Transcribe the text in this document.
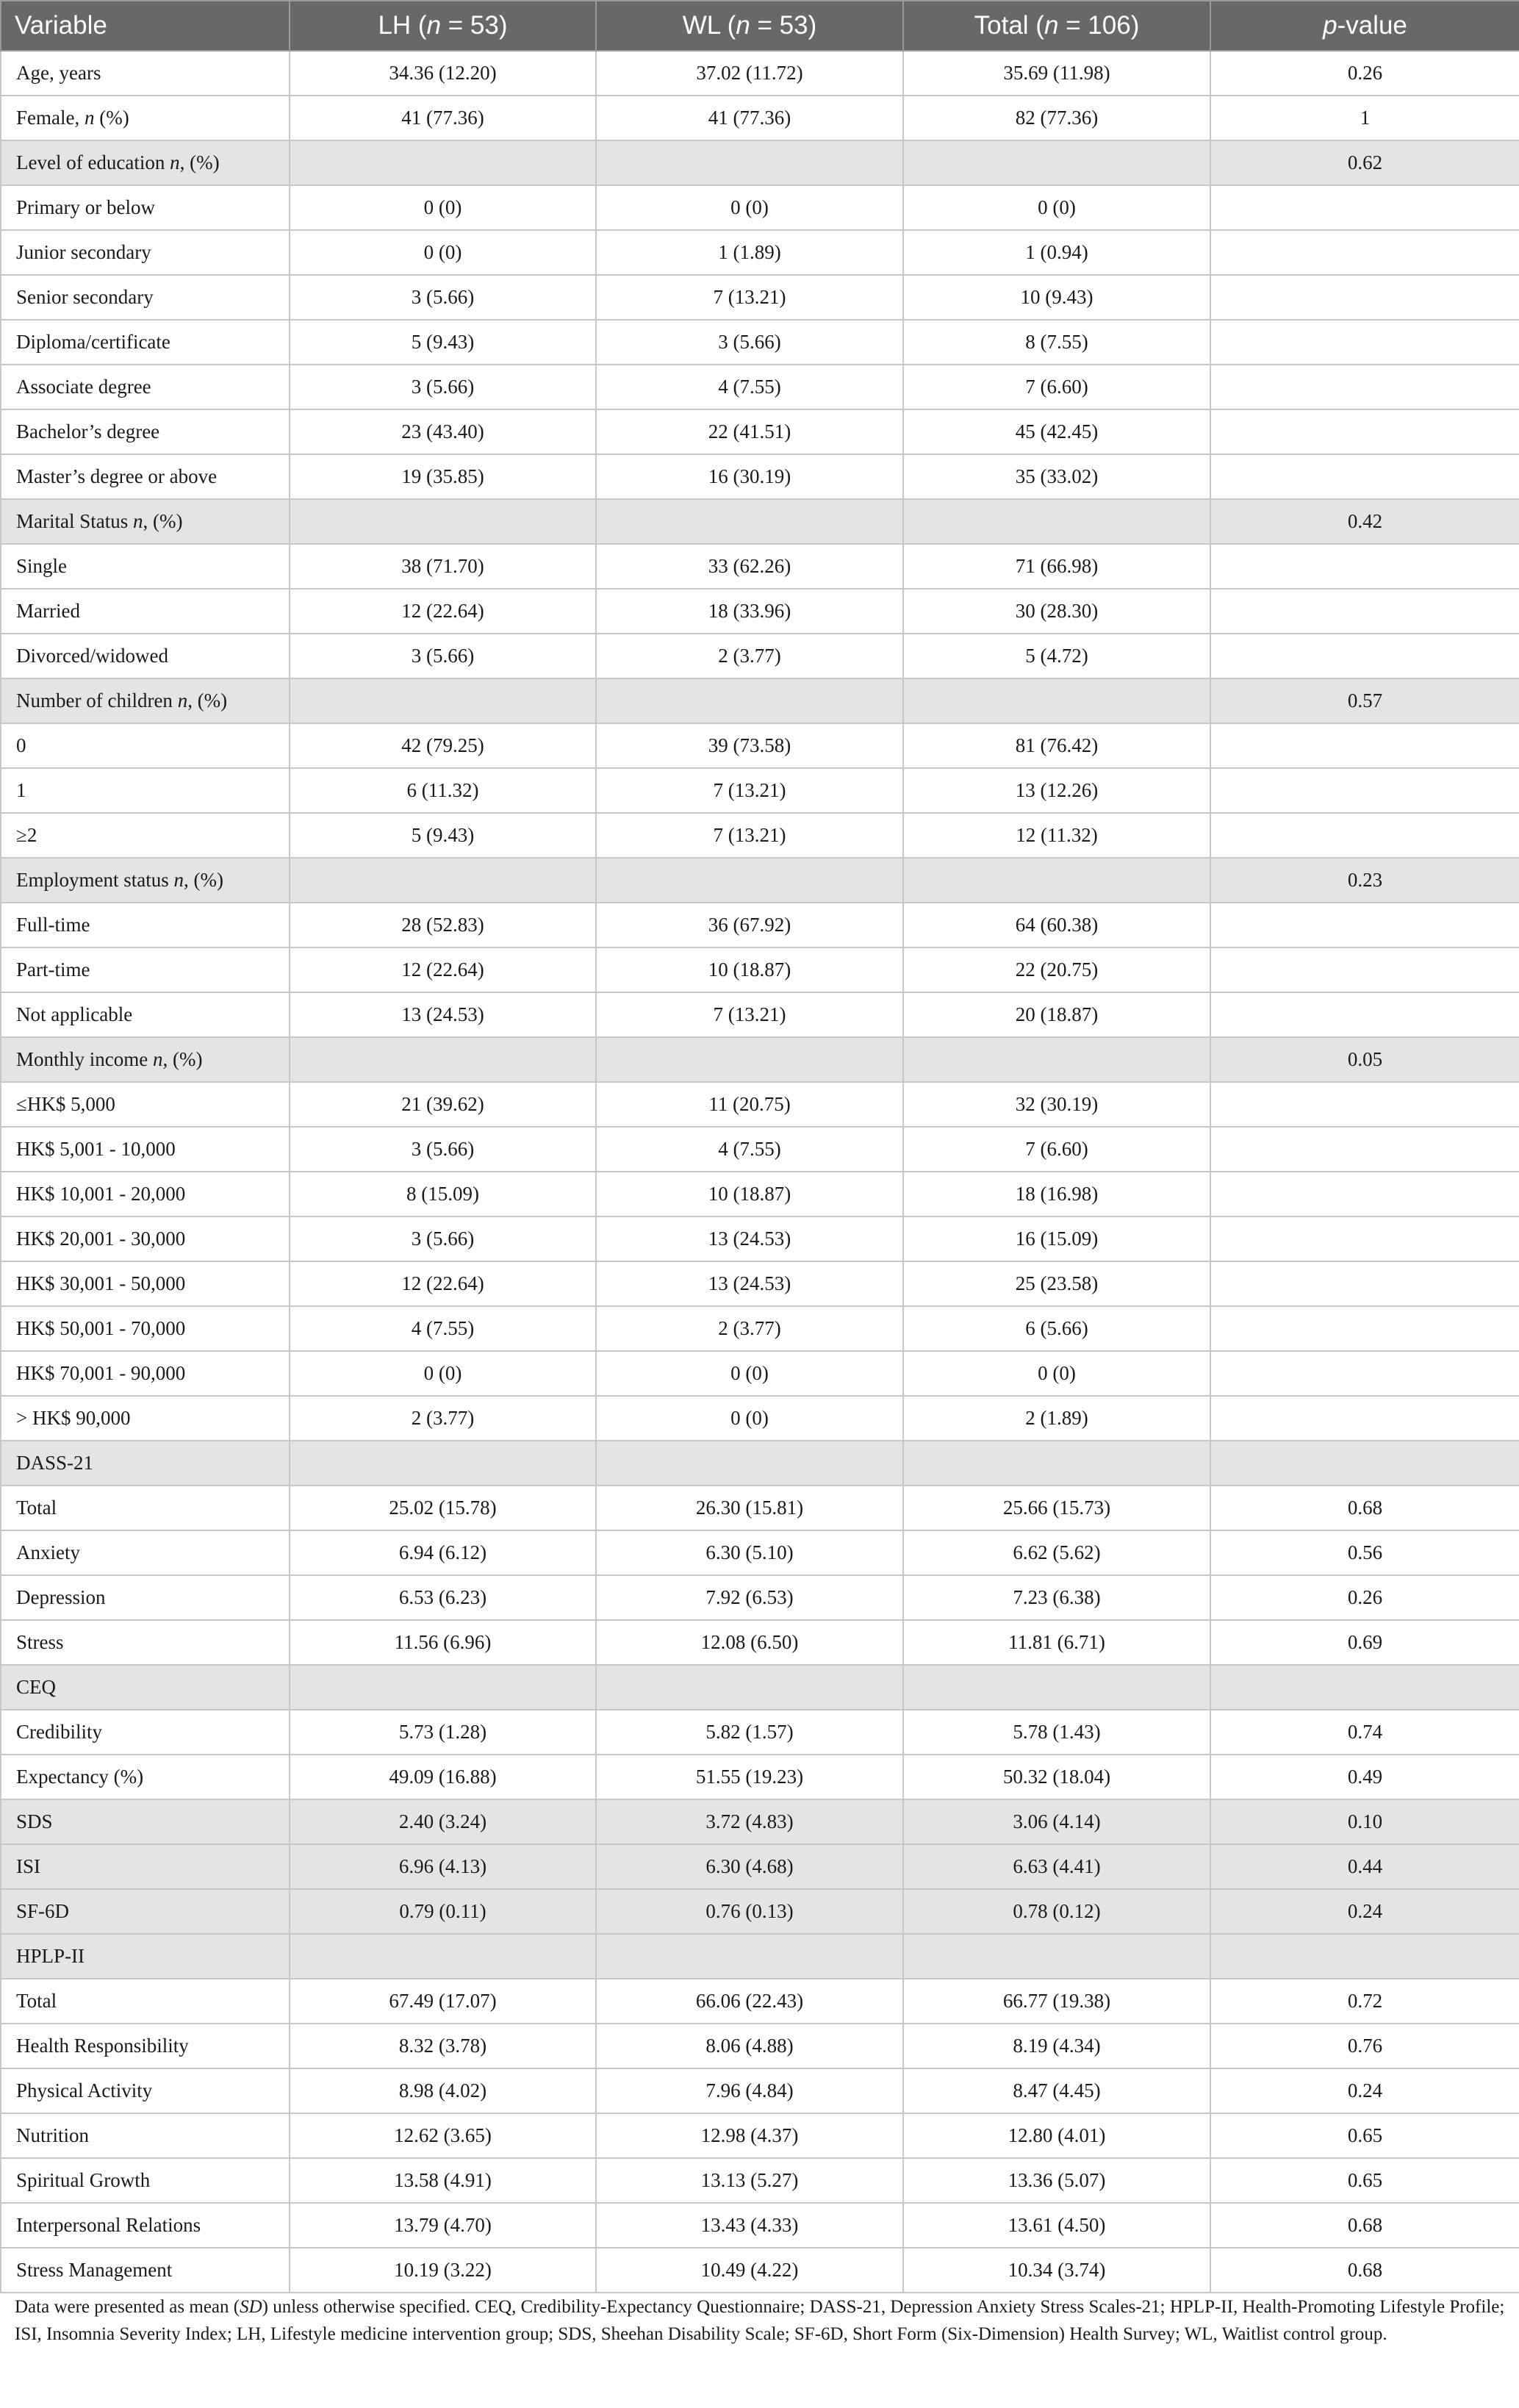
Variable	LH (n = 53)	WL (n = 53)	Total (n = 106)	p-value
Age, years	34.36 (12.20)	37.02 (11.72)	35.69 (11.98)	0.26
Female, n (%)	41 (77.36)	41 (77.36)	82 (77.36)	1
Level of education n, (%)				0.62
Primary or below	0 (0)	0 (0)	0 (0)	
Junior secondary	0 (0)	1 (1.89)	1 (0.94)	
Senior secondary	3 (5.66)	7 (13.21)	10 (9.43)	
Diploma/certificate	5 (9.43)	3 (5.66)	8 (7.55)	
Associate degree	3 (5.66)	4 (7.55)	7 (6.60)	
Bachelor’s degree	23 (43.40)	22 (41.51)	45 (42.45)	
Master’s degree or above	19 (35.85)	16 (30.19)	35 (33.02)	
Marital Status n, (%)				0.42
Single	38 (71.70)	33 (62.26)	71 (66.98)	
Married	12 (22.64)	18 (33.96)	30 (28.30)	
Divorced/widowed	3 (5.66)	2 (3.77)	5 (4.72)	
Number of children n, (%)				0.57
0	42 (79.25)	39 (73.58)	81 (76.42)	
1	6 (11.32)	7 (13.21)	13 (12.26)	
≥2	5 (9.43)	7 (13.21)	12 (11.32)	
Employment status n, (%)				0.23
Full-time	28 (52.83)	36 (67.92)	64 (60.38)	
Part-time	12 (22.64)	10 (18.87)	22 (20.75)	
Not applicable	13 (24.53)	7 (13.21)	20 (18.87)	
Monthly income n, (%)				0.05
≤HK$ 5,000	21 (39.62)	11 (20.75)	32 (30.19)	
HK$ 5,001 - 10,000	3 (5.66)	4 (7.55)	7 (6.60)	
HK$ 10,001 - 20,000	8 (15.09)	10 (18.87)	18 (16.98)	
HK$ 20,001 - 30,000	3 (5.66)	13 (24.53)	16 (15.09)	
HK$ 30,001 - 50,000	12 (22.64)	13 (24.53)	25 (23.58)	
HK$ 50,001 - 70,000	4 (7.55)	2 (3.77)	6 (5.66)	
HK$ 70,001 - 90,000	0 (0)	0 (0)	0 (0)	
> HK$ 90,000	2 (3.77)	0 (0)	2 (1.89)	
DASS-21				
Total	25.02 (15.78)	26.30 (15.81)	25.66 (15.73)	0.68
Anxiety	6.94 (6.12)	6.30 (5.10)	6.62 (5.62)	0.56
Depression	6.53 (6.23)	7.92 (6.53)	7.23 (6.38)	0.26
Stress	11.56 (6.96)	12.08 (6.50)	11.81 (6.71)	0.69
CEQ				
Credibility	5.73 (1.28)	5.82 (1.57)	5.78 (1.43)	0.74
Expectancy (%)	49.09 (16.88)	51.55 (19.23)	50.32 (18.04)	0.49
SDS	2.40 (3.24)	3.72 (4.83)	3.06 (4.14)	0.10
ISI	6.96 (4.13)	6.30 (4.68)	6.63 (4.41)	0.44
SF-6D	0.79 (0.11)	0.76 (0.13)	0.78 (0.12)	0.24
HPLP-II				
Total	67.49 (17.07)	66.06 (22.43)	66.77 (19.38)	0.72
Health Responsibility	8.32 (3.78)	8.06 (4.88)	8.19 (4.34)	0.76
Physical Activity	8.98 (4.02)	7.96 (4.84)	8.47 (4.45)	0.24
Nutrition	12.62 (3.65)	12.98 (4.37)	12.80 (4.01)	0.65
Spiritual Growth	13.58 (4.91)	13.13 (5.27)	13.36 (5.07)	0.65
Interpersonal Relations	13.79 (4.70)	13.43 (4.33)	13.61 (4.50)	0.68
Stress Management	10.19 (3.22)	10.49 (4.22)	10.34 (3.74)	0.68
Data were presented as mean (SD) unless otherwise specified. CEQ, Credibility-Expectancy Questionnaire; DASS-21, Depression Anxiety Stress Scales-21; HPLP-II, Health-Promoting Lifestyle Profile; ISI, Insomnia Severity Index; LH, Lifestyle medicine intervention group; SDS, Sheehan Disability Scale; SF-6D, Short Form (Six-Dimension) Health Survey; WL, Waitlist control group.
